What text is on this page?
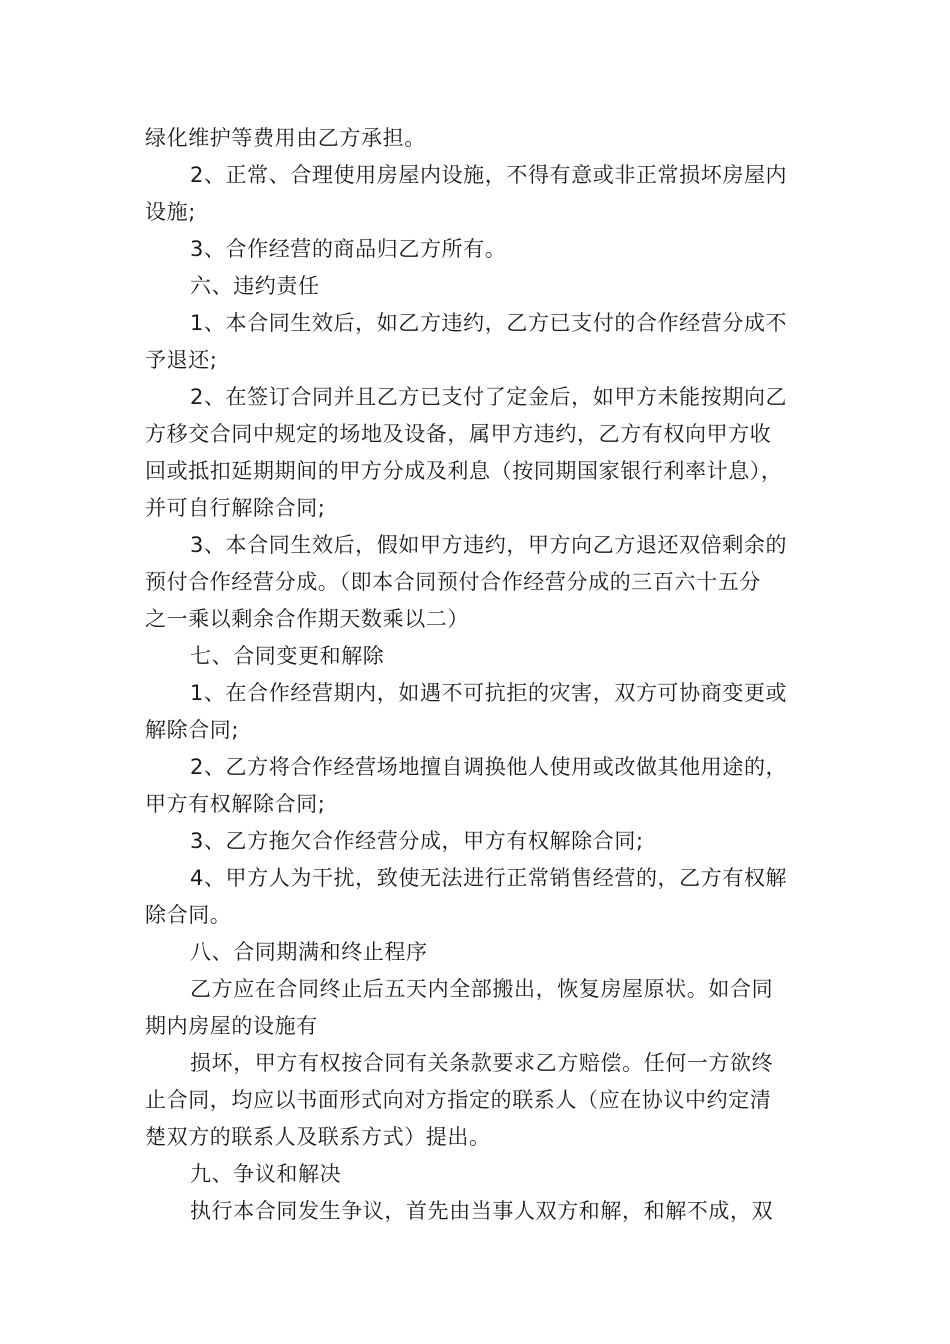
绿化维护等费用由乙方承担。
2、正常、合理使用房屋内设施，不得有意或非正常损坏房屋内
设施;
3、合作经营的商品归乙方所有。
六、违约责任
1、本合同生效后，如乙方违约，乙方已支付的合作经营分成不
予退还;
2、在签订合同并且乙方已支付了定金后，如甲方未能按期向乙
方移交合同中规定的场地及设备，属甲方违约，乙方有权向甲方收
回或抵扣延期期间的甲方分成及利息（按同期国家银行利率计息），
并可自行解除合同;
3、本合同生效后，假如甲方违约，甲方向乙方退还双倍剩余的
预付合作经营分成。（即本合同预付合作经营分成的三百六十五分
之一乘以剩余合作期天数乘以二）
七、合同变更和解除
1、在合作经营期内，如遇不可抗拒的灾害，双方可协商变更或
解除合同;
2、乙方将合作经营场地擅自调换他人使用或改做其他用途的，
甲方有权解除合同;
3、乙方拖欠合作经营分成，甲方有权解除合同;
4、甲方人为干扰，致使无法进行正常销售经营的，乙方有权解
除合同。
八、合同期满和终止程序
乙方应在合同终止后五天内全部搬出，恢复房屋原状。如合同
期内房屋的设施有
损坏，甲方有权按合同有关条款要求乙方赔偿。任何一方欲终
止合同，均应以书面形式向对方指定的联系人（应在协议中约定清
楚双方的联系人及联系方式）提出。
九、争议和解决
执行本合同发生争议，首先由当事人双方和解，和解不成，双
